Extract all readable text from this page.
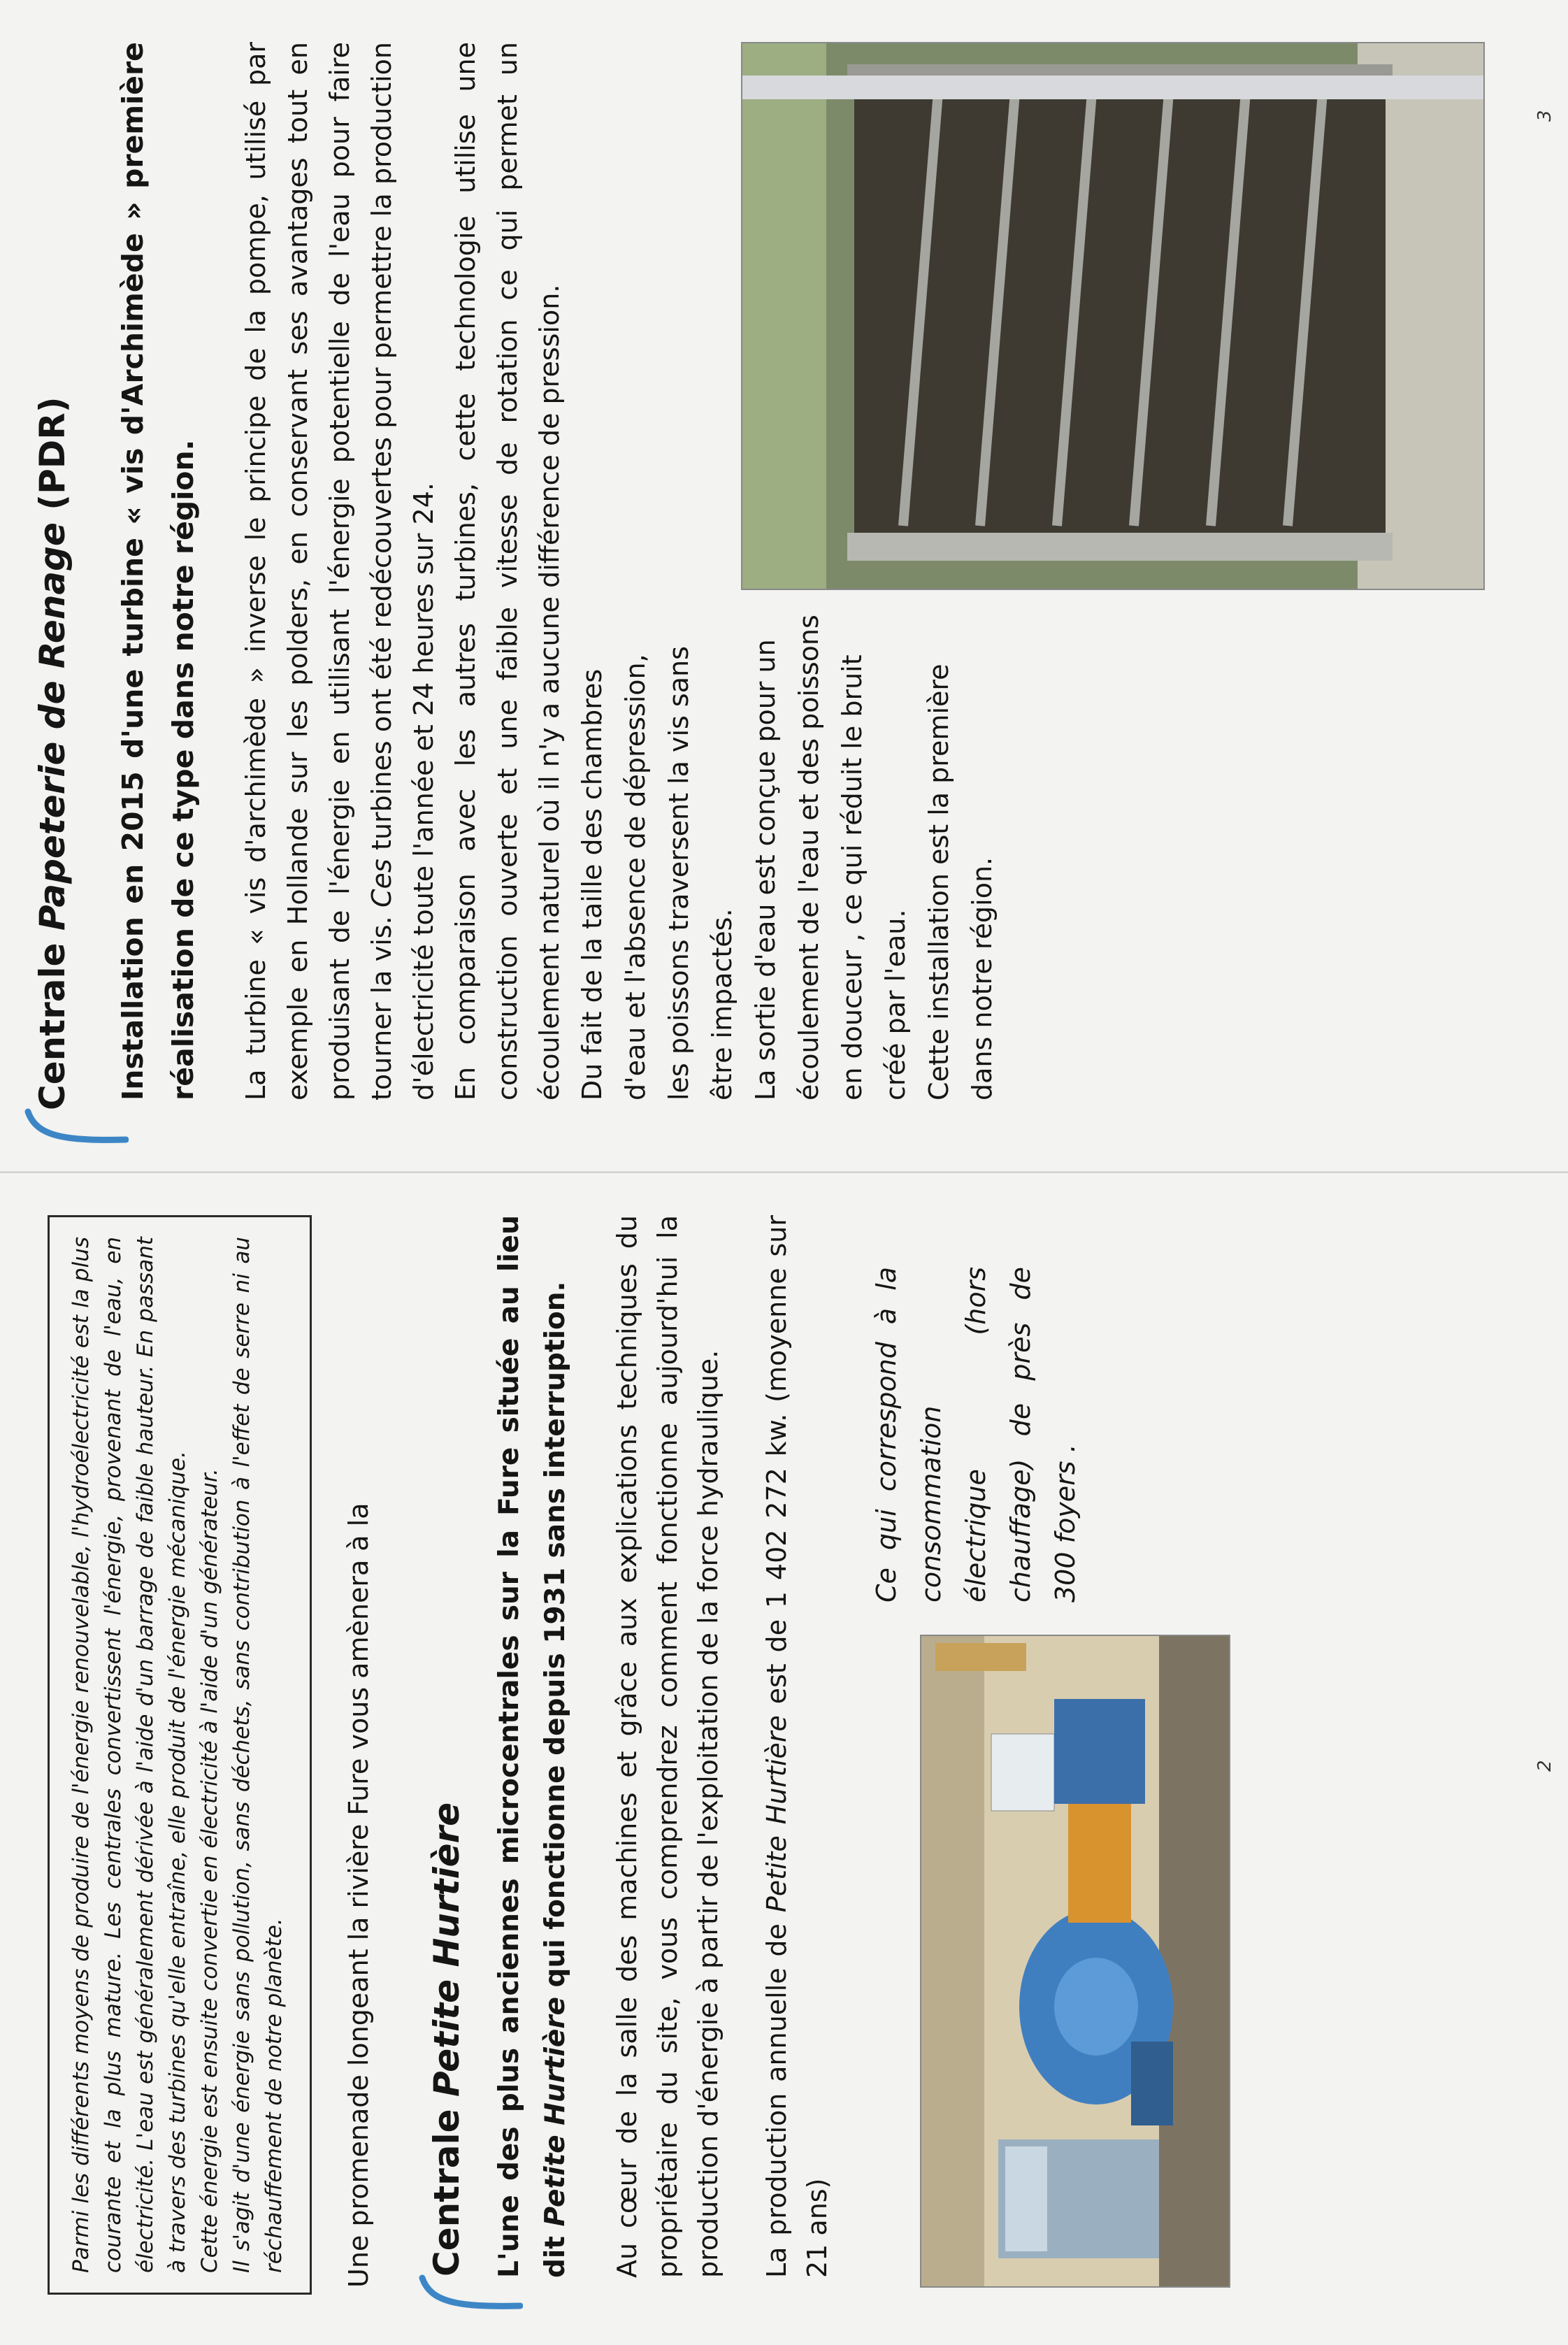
Parmi les différents moyens de produire de l'énergie renouvelable, l'hydroélectricité est la plus courante et la plus mature. Les centrales convertissent l'énergie, provenant de l'eau, en électricité. L'eau est généralement dérivée à l'aide d'un barrage de faible hauteur. En passant à travers des turbines qu'elle entraîne, elle produit de l'énergie mécanique. Cette énergie est ensuite convertie en électricité à l'aide d'un générateur. Il s'agit d'une énergie sans pollution, sans déchets, sans contribution à l'effet de serre ni au réchauffement de notre planète. Une promenade longeant la rivière Fure vous amènera à la Centrale Petite Hurtière L'une des plus anciennes microcentrales sur la Fure située au lieu dit Petite Hurtière qui fonctionne depuis 1931 sans interruption. Au cœur de la salle des machines et grâce aux explications techniques du propriétaire du site, vous comprendrez comment fonctionne aujourd'hui la production d'énergie à partir de l'exploitation de la force hydraulique. La production annuelle de Petite Hurtière est de 1 402 272 kw. (moyenne sur 21 ans)
Ce qui correspond à la consommation électrique (hors chauffage) de près de 300 foyers .
2
Centrale Papeterie de Renage (PDR) Installation en 2015 d'une turbine « vis d'Archimède » première réalisation de ce type dans notre région.	La turbine « vis d'archimède » inverse le principe de la pompe, utilisé par exemple en Hollande sur les polders, en conservant ses avantages tout en produisant de l'énergie en utilisant l'énergie potentielle de l'eau pour faire tourner la vis. Ces turbines ont été redécouvertes pour permettre la production d'électricité toute l'année et 24 heures sur 24. En comparaison avec les autres turbines, cette technologie utilise une construction ouverte et une faible vitesse de rotation ce qui permet un écoulement naturel où il n'y a aucune différence de pression. Du fait de la taille des chambres d'eau et l'absence de dépression, les poissons traversent la vis sans être impactés. La sortie d'eau est conçue pour un écoulement de l'eau et des poissons en douceur , ce qui réduit le bruit créé par l'eau. Cette installation est la première dans notre région.

3
